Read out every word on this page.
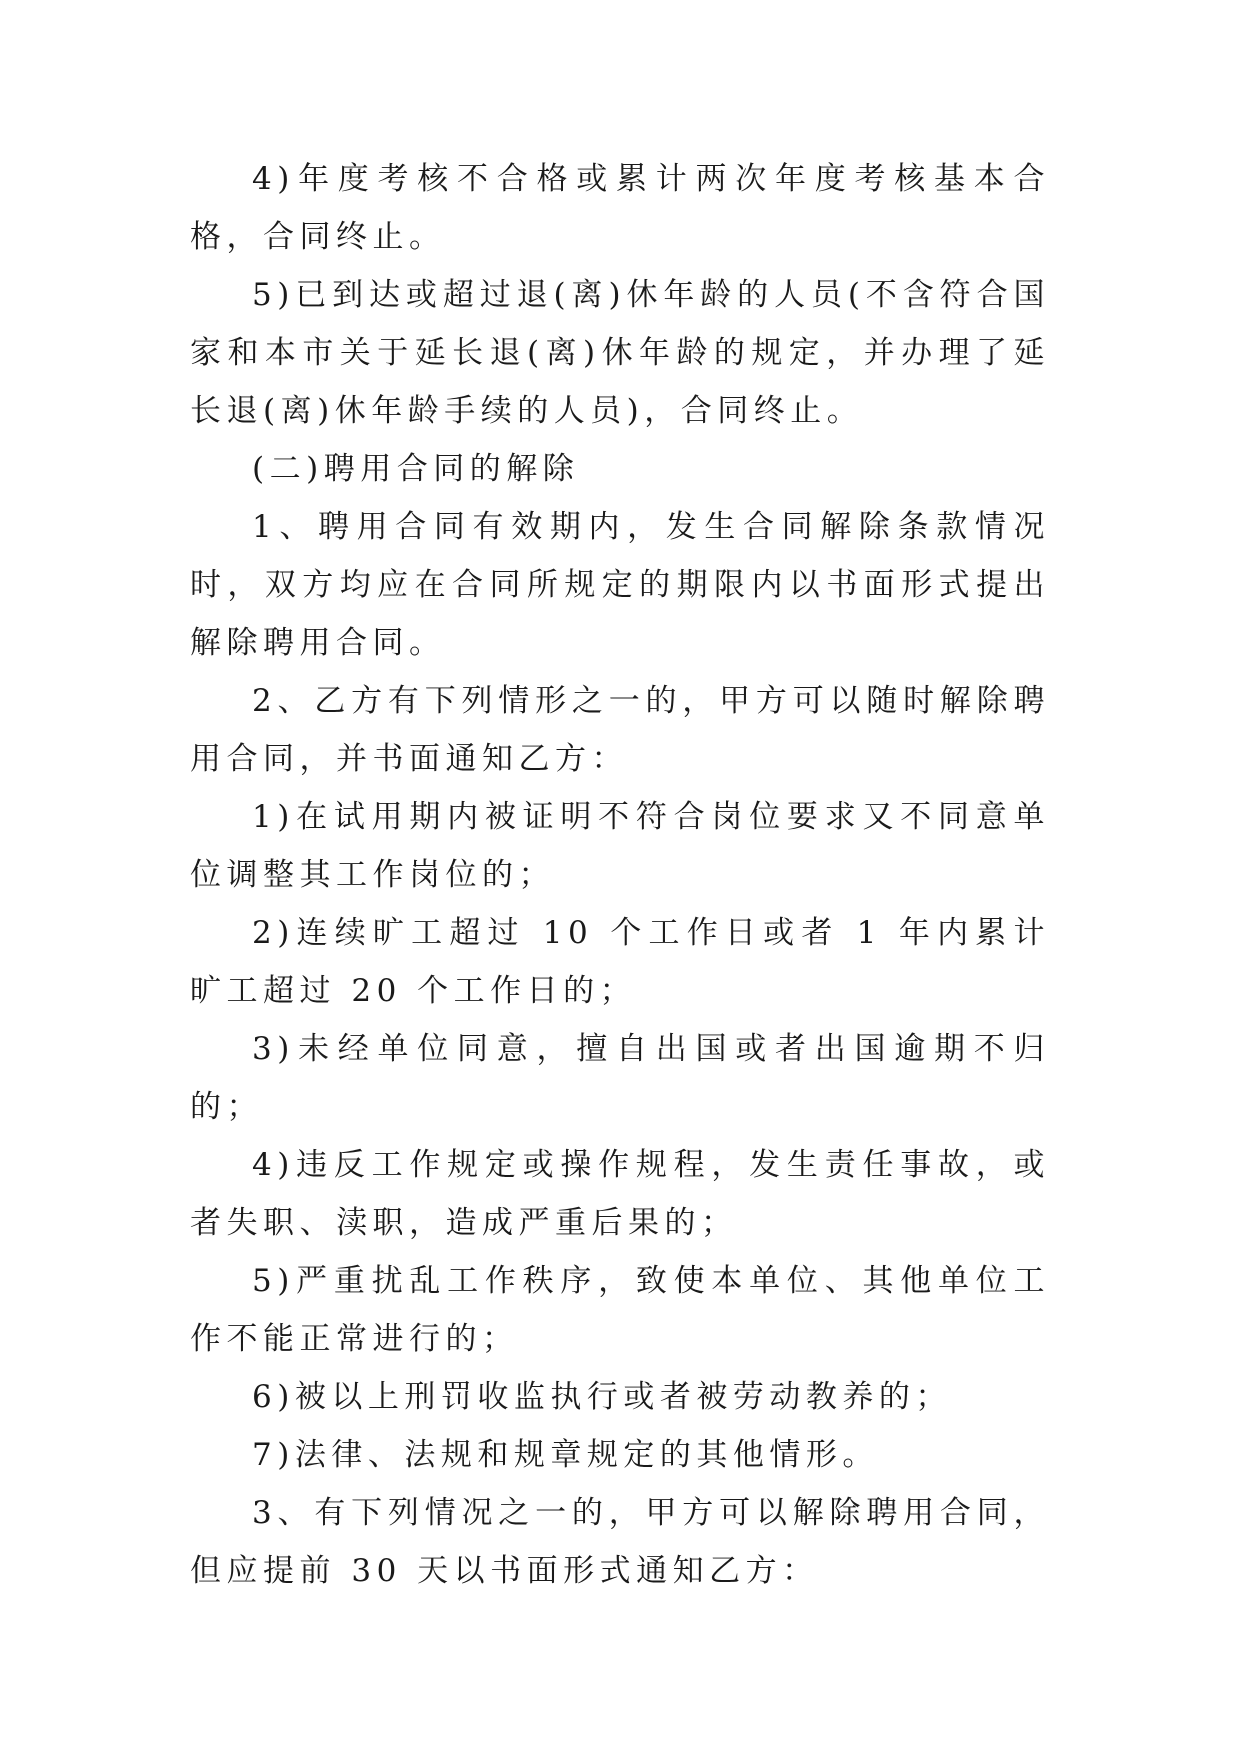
4)年度考核不合格或累计两次年度考核基本合格，合同终止。

5)已到达或超过退(离)休年龄的人员(不含符合国家和本市关于延长退(离)休年龄的规定，并办理了延长退(离)休年龄手续的人员)，合同终止。

(二)聘用合同的解除

1、聘用合同有效期内，发生合同解除条款情况时，双方均应在合同所规定的期限内以书面形式提出解除聘用合同。

2、乙方有下列情形之一的，甲方可以随时解除聘用合同，并书面通知乙方：

1)在试用期内被证明不符合岗位要求又不同意单位调整其工作岗位的；

2)连续旷工超过 10 个工作日或者 1 年内累计旷工超过 20 个工作日的；

3)未经单位同意，擅自出国或者出国逾期不归的；

4)违反工作规定或操作规程，发生责任事故，或者失职、渎职，造成严重后果的；

5)严重扰乱工作秩序，致使本单位、其他单位工作不能正常进行的；

6)被以上刑罚收监执行或者被劳动教养的；

7)法律、法规和规章规定的其他情形。

3、有下列情况之一的，甲方可以解除聘用合同，但应提前 30 天以书面形式通知乙方：
